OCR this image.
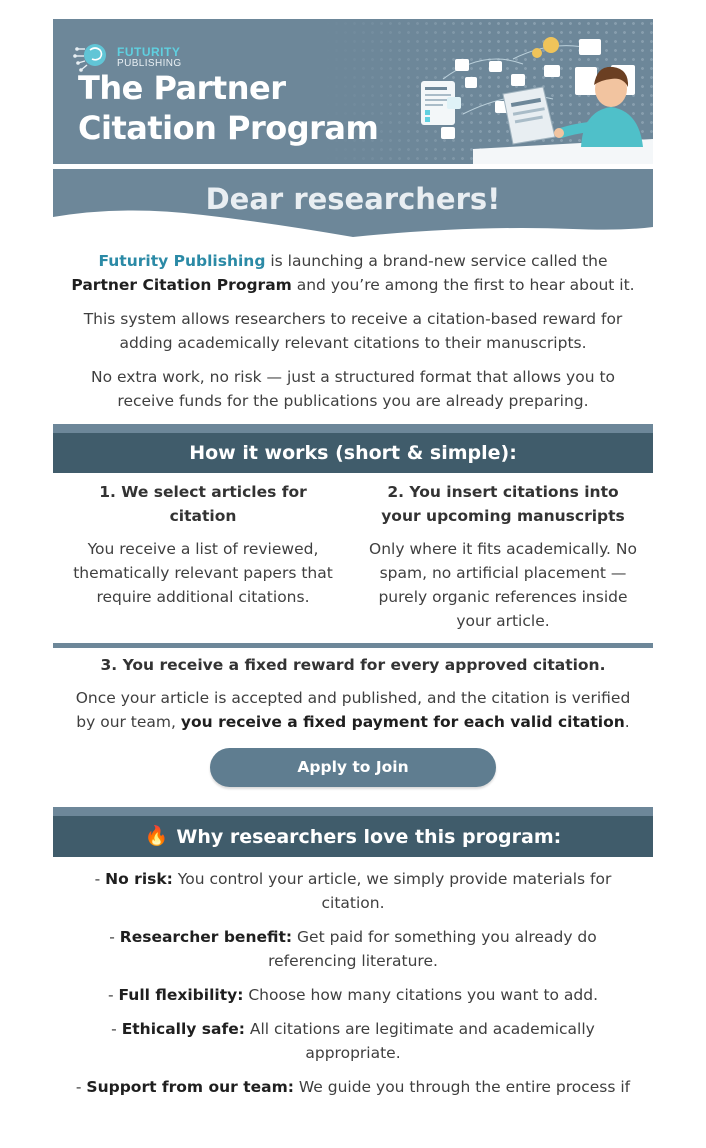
FUTURITY
PUBLISHING
The Partner
Citation Program
Dear researchers!

Futurity Publishing is launching a brand-new service called the Partner Citation Program and you’re among the first to hear about it.

This system allows researchers to receive a citation-based reward for adding academically relevant citations to their manuscripts.

No extra work, no risk — just a structured format that allows you to receive funds for the publications you are already preparing.

How it works (short & simple):
1. We select articles for citation

You receive a list of reviewed, thematically relevant papers that require additional citations.

2. You insert citations into your upcoming manuscripts

Only where it fits academically. No spam, no artificial placement — purely organic references inside your article.

3. You receive a fixed reward for every approved citation.

Once your article is accepted and published, and the citation is verified by our team, you receive a fixed payment for each valid citation.

Apply to Join
🔥 Why researchers love this program:

- No risk: You control your article, we simply provide materials for citation.

- Researcher benefit: Get paid for something you already do referencing literature.

- Full flexibility: Choose how many citations you want to add.

- Ethically safe: All citations are legitimate and academically appropriate.

- Support from our team: We guide you through the entire process if
